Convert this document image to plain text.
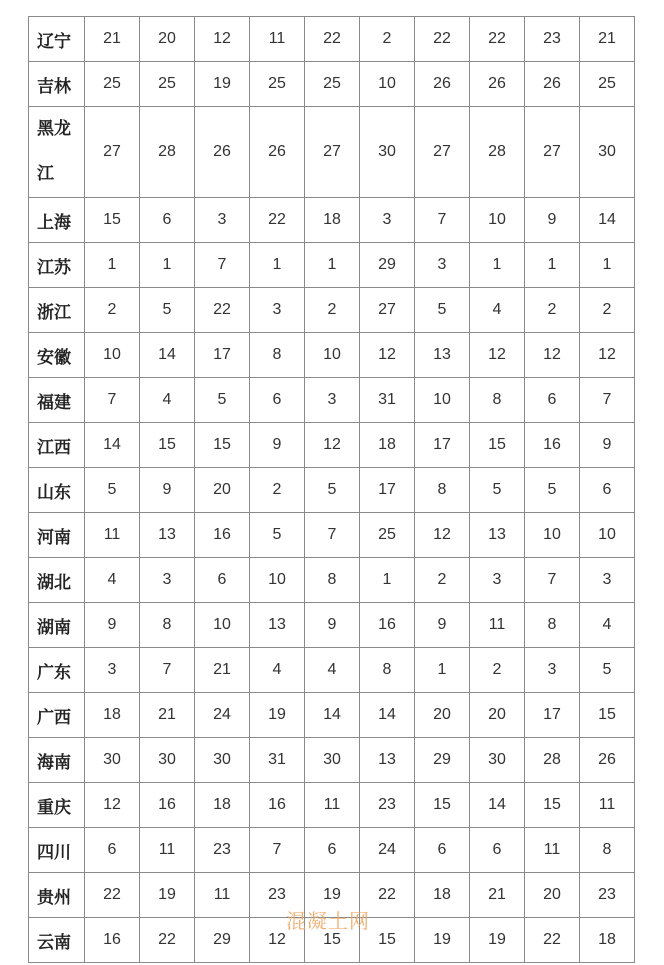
辽宁	21	20	12	11	22	2	22	22	23	21
吉林	25	25	19	25	25	10	26	26	26	25
黑龙江	27	28	26	26	27	30	27	28	27	30
上海	15	6	3	22	18	3	7	10	9	14
江苏	1	1	7	1	1	29	3	1	1	1
浙江	2	5	22	3	2	27	5	4	2	2
安徽	10	14	17	8	10	12	13	12	12	12
福建	7	4	5	6	3	31	10	8	6	7
江西	14	15	15	9	12	18	17	15	16	9
山东	5	9	20	2	5	17	8	5	5	6
河南	11	13	16	5	7	25	12	13	10	10
湖北	4	3	6	10	8	1	2	3	7	3
湖南	9	8	10	13	9	16	9	11	8	4
广东	3	7	21	4	4	8	1	2	3	5
广西	18	21	24	19	14	14	20	20	17	15
海南	30	30	30	31	30	13	29	30	28	26
重庆	12	16	18	16	11	23	15	14	15	11
四川	6	11	23	7	6	24	6	6	11	8
贵州	22	19	11	23	19	22	18	21	20	23
云南	16	22	29	12	15	15	19	19	22	18
混凝土网
